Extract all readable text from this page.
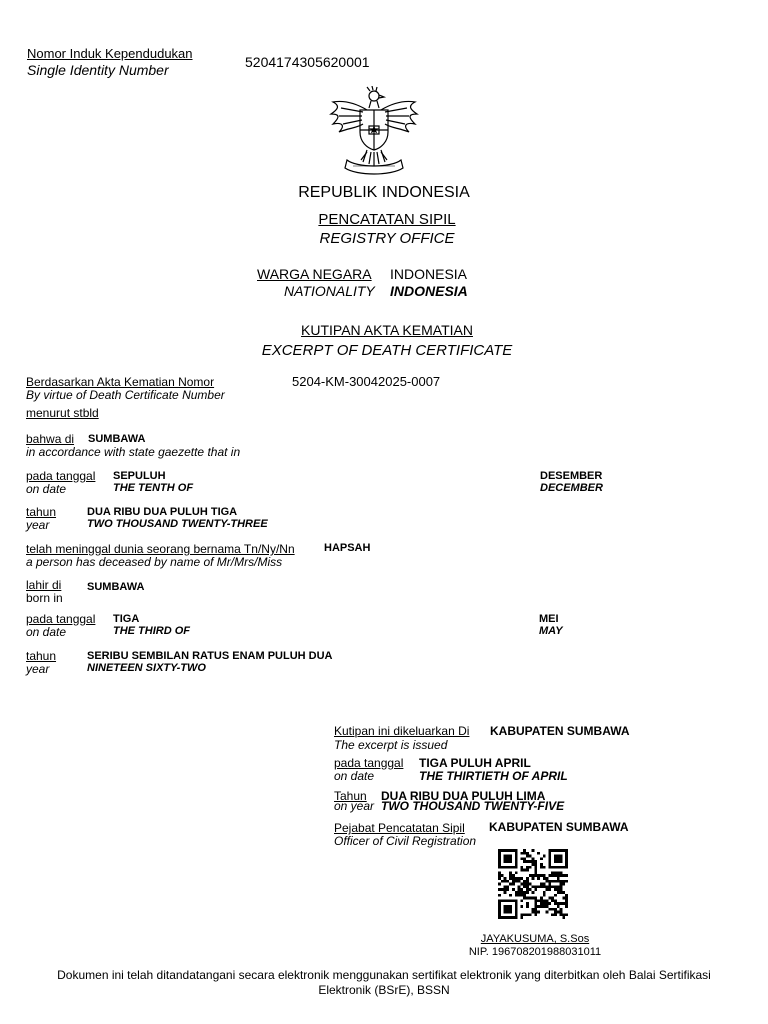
Nomor Induk Kependudukan
Single Identity Number	5204174305620001
REPUBLIK INDONESIA
PENCATATAN SIPIL
REGISTRY OFFICE
WARGA NEGARA INDONESIA
NATIONALITY INDONESIA
KUTIPAN AKTA KEMATIAN
EXCERPT OF DEATH CERTIFICATE
Berdasarkan Akta Kematian Nomor
By virtue of Death Certificate Number
5204-KM-30042025-0007
menurut stbld
bahwa di SUMBAWA
in accordance with state gaezette that in
pada tanggal
on date
SEPULUH
THE TENTH OF
DESEMBER
DECEMBER
tahun
year
DUA RIBU DUA PULUH TIGA
TWO THOUSAND TWENTY-THREE
telah meninggal dunia seorang bernama Tn/Ny/Nn
a person has deceased by name of Mr/Mrs/Miss
HAPSAH
lahir di
born in
SUMBAWA
pada tanggal
on date
TIGA
THE THIRD OF
MEI
MAY
tahun
year
SERIBU SEMBILAN RATUS ENAM PULUH DUA
NINETEEN SIXTY-TWO
Kutipan ini dikeluarkan Di
The excerpt is issued
KABUPATEN SUMBAWA
pada tanggal
on date
TIGA PULUH APRIL
THE THIRTIETH OF APRIL
Tahun
on year
DUA RIBU DUA PULUH LIMA
TWO THOUSAND TWENTY-FIVE
Pejabat Pencatatan Sipil
Officer of Civil Registration
KABUPATEN SUMBAWA
JAYAKUSUMA, S.Sos
NIP. 196708201988031011
Dokumen ini telah ditandatangani secara elektronik menggunakan sertifikat elektronik yang diterbitkan oleh Balai Sertifikasi
Elektronik (BSrE), BSSN
